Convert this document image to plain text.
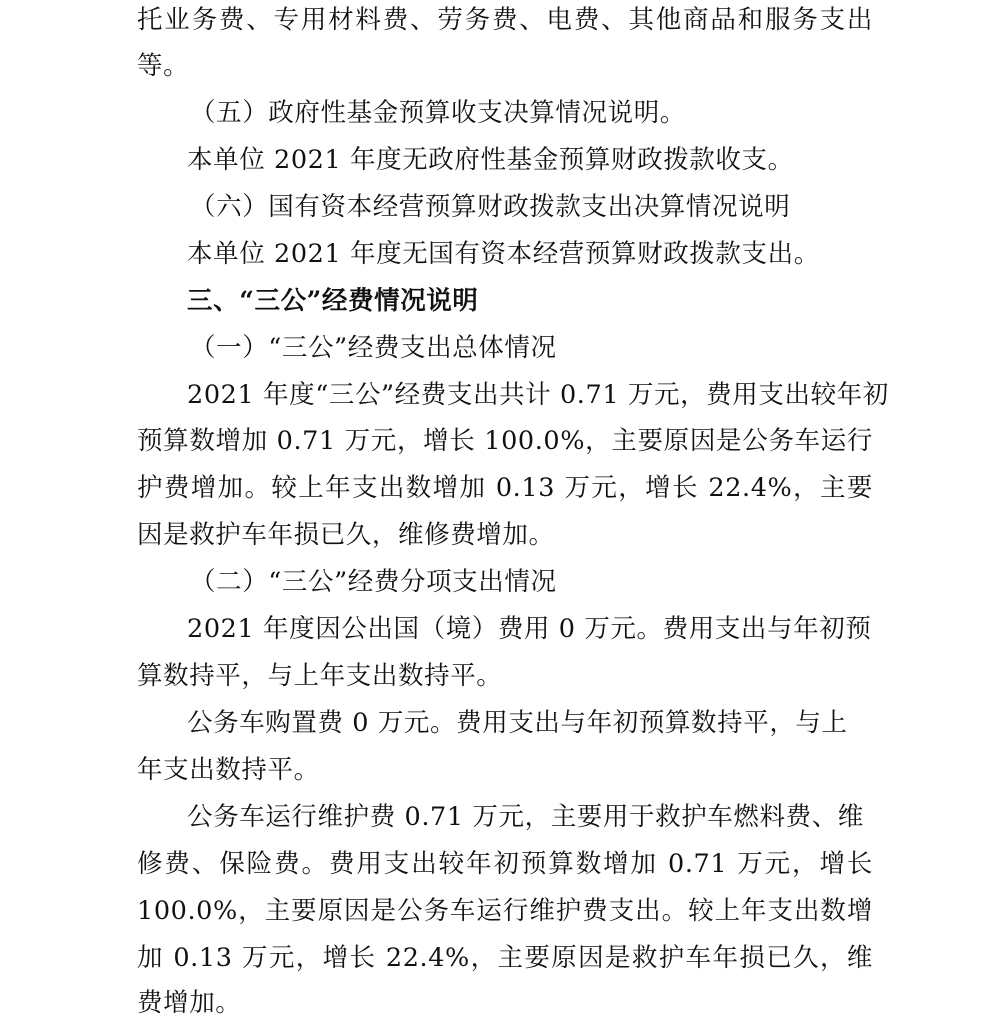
托业务费、专用材料费、劳务费、电费、其他商品和服务支出
等。
（五）政府性基金预算收支决算情况说明。
本单位 2021 年度无政府性基金预算财政拨款收支。
（六）国有资本经营预算财政拨款支出决算情况说明
本单位 2021 年度无国有资本经营预算财政拨款支出。
三、“三公”经费情况说明
（一）“三公”经费支出总体情况
2021 年度“三公”经费支出共计 0.71 万元，费用支出较年初
预算数增加 0.71 万元，增长 100.0%，主要原因是公务车运行
护费增加。较上年支出数增加 0.13 万元，增长 22.4%，主要
因是救护车年损已久，维修费增加。
（二）“三公”经费分项支出情况
2021 年度因公出国（境）费用 0 万元。费用支出与年初预
算数持平，与上年支出数持平。
公务车购置费 0 万元。费用支出与年初预算数持平，与上
年支出数持平。
公务车运行维护费 0.71 万元，主要用于救护车燃料费、维
修费、保险费。费用支出较年初预算数增加 0.71 万元，增长
100.0%，主要原因是公务车运行维护费支出。较上年支出数增
加 0.13 万元，增长 22.4%，主要原因是救护车年损已久，维
费增加。
